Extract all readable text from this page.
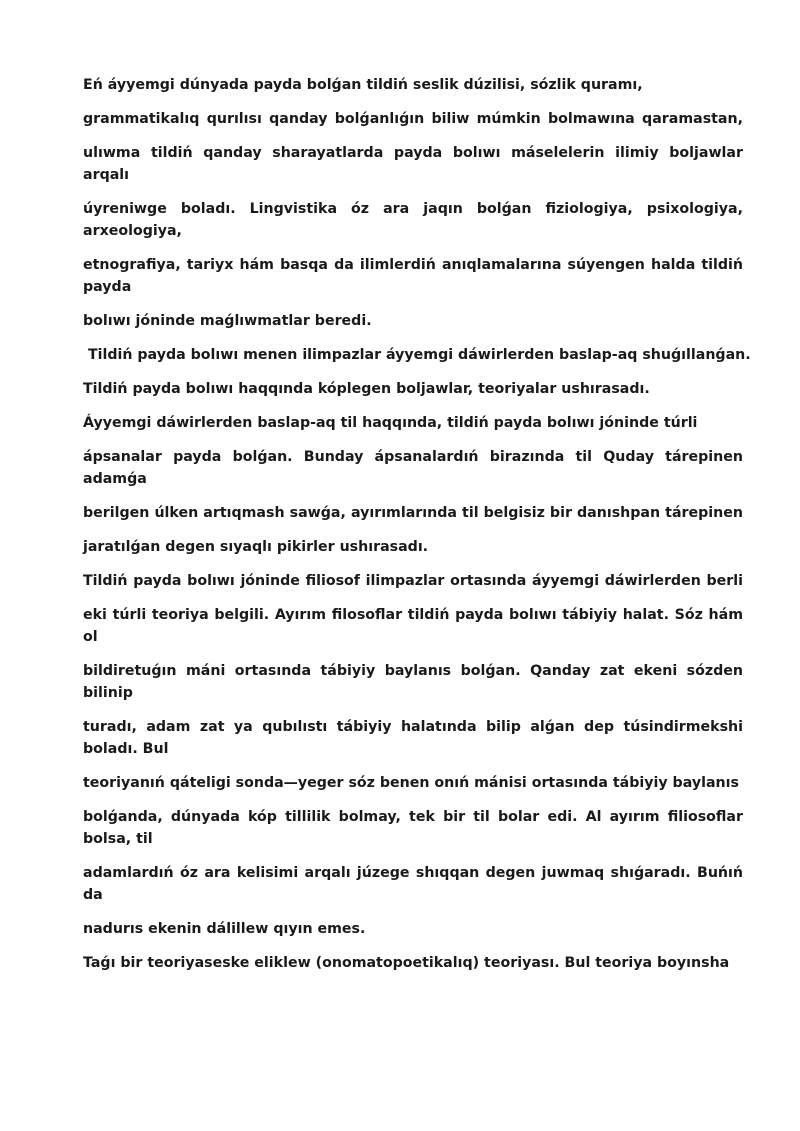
Eń áyyemgi dúnyada payda bolǵan tildiń seslik dúzilisi, sózlik quramı,
grammatikalıq qurılısı qanday bolǵanlıǵın biliw múmkin bolmawına qaramastan,
ulıwma tildiń qanday sharayatlarda payda bolıwı máselelerin ilimiy boljawlar
arqalı
úyreniwge boladı. Lingvistika óz ara jaqın bolǵan fiziologiya, psixologiya,
arxeologiya,
etnografiya, tariyx hám basqa da ilimlerdiń anıqlamalarına súyengen halda tildiń
payda
bolıwı jóninde maǵlıwmatlar beredi.
Tildiń payda bolıwı menen ilimpazlar áyyemgi dáwirlerden baslap-aq shuǵıllanǵan.
Tildiń payda bolıwı haqqında kóplegen boljawlar, teoriyalar ushırasadı.
Áyyemgi dáwirlerden baslap-aq til haqqında, tildiń payda bolıwı jóninde túrli
ápsanalar payda bolǵan. Bunday ápsanalardıń birazında til Quday tárepinen
adamǵa
berilgen úlken artıqmash sawǵa, ayırımlarında til belgisiz bir danıshpan tárepinen
jaratılǵan degen sıyaqlı pikirler ushırasadı.
Tildiń payda bolıwı jóninde filiosof ilimpazlar ortasında áyyemgi dáwirlerden berli
eki túrli teoriya belgili. Ayırım filosoflar tildiń payda bolıwı tábiyiy halat. Sóz hám ol
bildiretuǵın máni ortasında tábiyiy baylanıs bolǵan. Qanday zat ekeni sózden
bilinip
turadı, adam zat ya qubılıstı tábiyiy halatında bilip alǵan dep túsindirmekshi
boladı. Bul
teoriyanıń qáteligi sonda—yeger sóz benen onıń mánisi ortasında tábiyiy baylanıs
bolǵanda, dúnyada kóp tillilik bolmay, tek bir til bolar edi. Al ayırım filiosoflar
bolsa, til
adamlardıń óz ara kelisimi arqalı júzege shıqqan degen juwmaq shıǵaradı. Buńıń da
nadurıs ekenin dálillew qıyın emes.
Taǵı bir teoriyaseske eliklew (onomatopoetikalıq) teoriyası. Bul teoriya boyınsha
